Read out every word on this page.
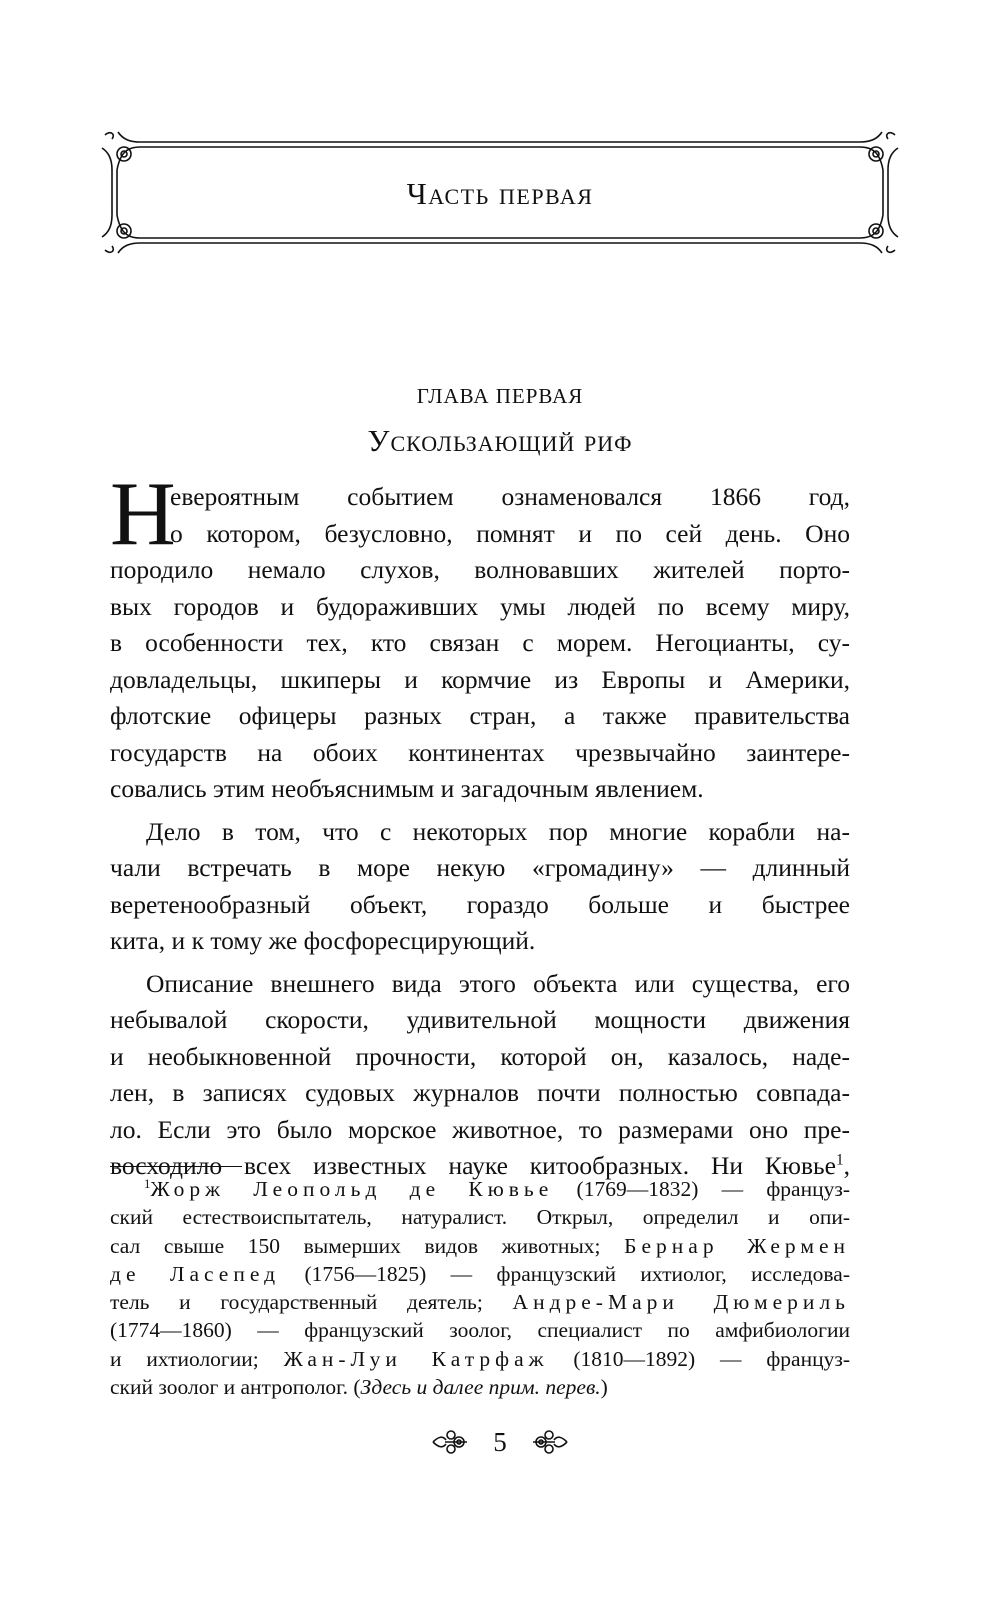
Часть первая
ГЛАВА ПЕРВАЯ
Ускользающий риф
Н
евероятным событием ознаменовался 1866 год,
о котором, безусловно, помнят и по сей день. Оно
породило немало слухов, волновавших жителей порто-
вых городов и будораживших умы людей по всему миру,
в особенности тех, кто связан с морем. Негоцианты, су-
довладельцы, шкиперы и кормчие из Европы и Америки,
флотские офицеры разных стран, а также правительства
государств на обоих континентах чрезвычайно заинтере-
совались этим необъяснимым и загадочным явлением.
Дело в том, что с некоторых пор многие корабли на-
чали встречать в море некую «громадину» — длинный
веретенообразный объект, гораздо больше и быстрее
кита, и к тому же фосфоресцирующий.
Описание внешнего вида этого объекта или существа, его
небывалой скорости, удивительной мощности движения
и необыкновенной прочности, которой он, казалось, наде-
лен, в записях судовых журналов почти полностью совпада-
ло. Если это было морское животное, то размерами оно пре-
восходило всех известных науке китообразных. Ни Кювье$^1$,
$^1$Жорж Леопольд де Кювье (1769—1832) — француз-
ский естествоиспытатель, натуралист. Открыл, определил и опи-
сал свыше 150 вымерших видов животных; Бернар Жермен
де Ласепед (1756—1825) — французский ихтиолог, исследова-
тель и государственный деятель; Андре-Мари Дюмериль
(1774—1860) — французский зоолог, специалист по амфибиологии
и ихтиологии; Жан-Луи Катрфаж (1810—1892) — француз-
ский зоолог и антрополог. (Здесь и далее прим. перев.)
5
